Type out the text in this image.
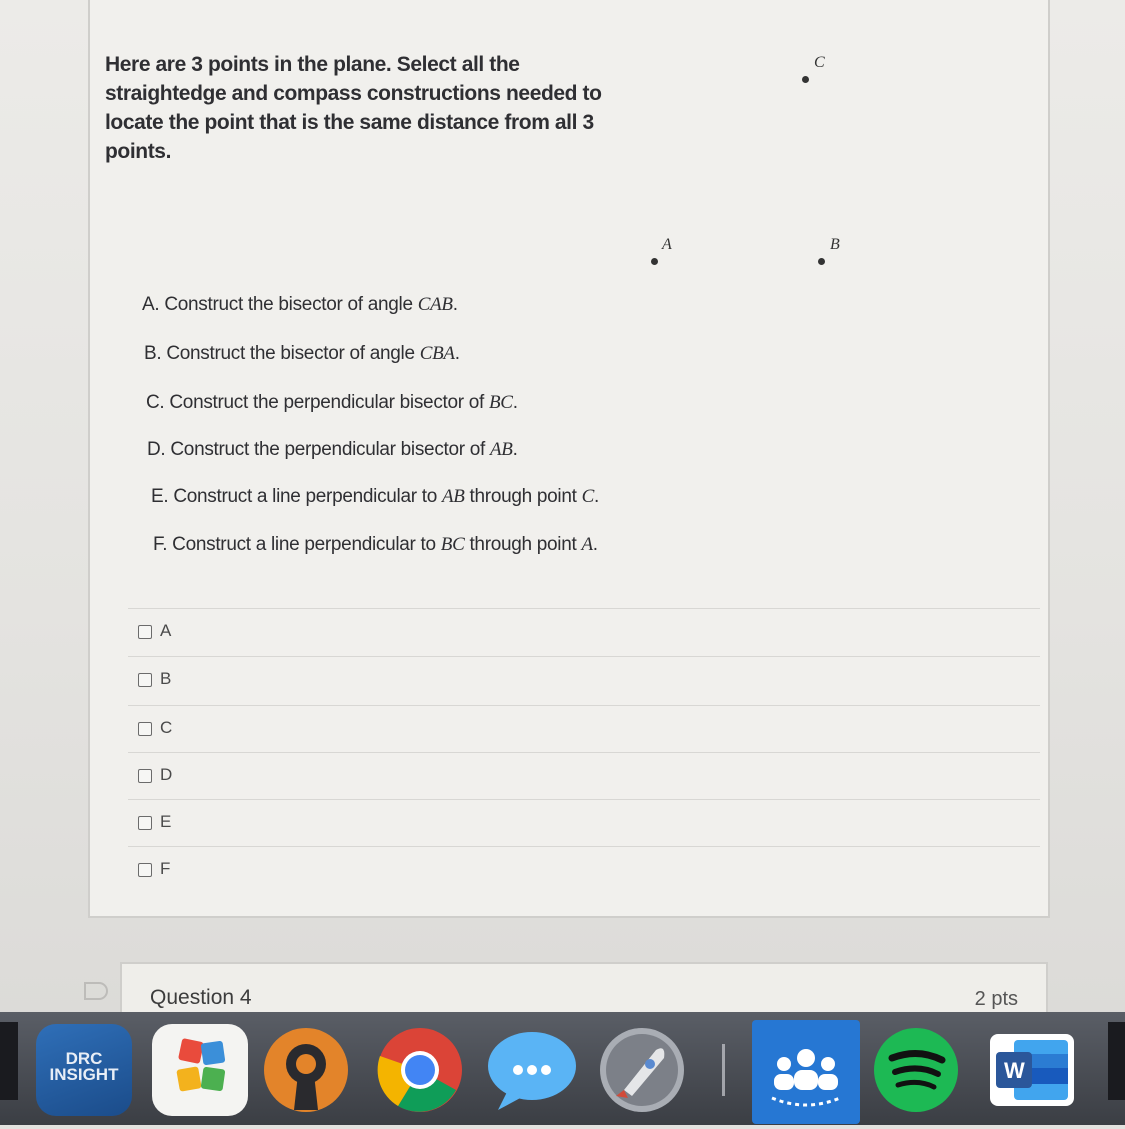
Here are 3 points in the plane. Select all the straightedge and compass constructions needed to locate the point that is the same distance from all 3 points.
C
A	B
A. Construct the bisector of angle CAB.
B. Construct the bisector of angle CBA.
C. Construct the perpendicular bisector of BC.
D. Construct the perpendicular bisector of AB.
E. Construct a line perpendicular to AB through point C.
F. Construct a line perpendicular to BC through point A.
A
B
C
D
E
F
Question 4	2 pts
DRC
INSIGHT	W
